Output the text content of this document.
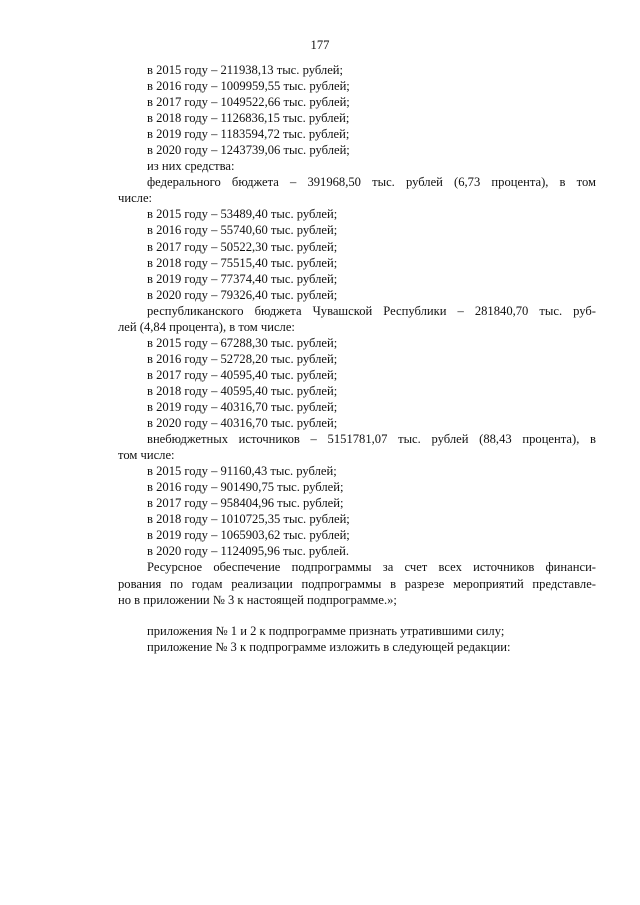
177
в 2015 году – 211938,13 тыс. рублей;
в 2016 году – 1009959,55 тыс. рублей;
в 2017 году – 1049522,66 тыс. рублей;
в 2018 году – 1126836,15 тыс. рублей;
в 2019 году – 1183594,72 тыс. рублей;
в 2020 году – 1243739,06 тыс. рублей;
из них средства:
федерального бюджета – 391968,50 тыс. рублей (6,73 процента), в том
числе:
в 2015 году – 53489,40 тыс. рублей;
в 2016 году – 55740,60 тыс. рублей;
в 2017 году – 50522,30 тыс. рублей;
в 2018 году – 75515,40 тыс. рублей;
в 2019 году – 77374,40 тыс. рублей;
в 2020 году – 79326,40 тыс. рублей;
республиканского бюджета Чувашской Республики – 281840,70 тыс. руб-
лей (4,84 процента), в том числе:
в 2015 году – 67288,30 тыс. рублей;
в 2016 году – 52728,20 тыс. рублей;
в 2017 году – 40595,40 тыс. рублей;
в 2018 году – 40595,40 тыс. рублей;
в 2019 году – 40316,70 тыс. рублей;
в 2020 году – 40316,70 тыс. рублей;
внебюджетных источников – 5151781,07 тыс. рублей (88,43 процента), в
том числе:
в 2015 году – 91160,43 тыс. рублей;
в 2016 году – 901490,75 тыс. рублей;
в 2017 году – 958404,96 тыс. рублей;
в 2018 году – 1010725,35 тыс. рублей;
в 2019 году – 1065903,62 тыс. рублей;
в 2020 году – 1124095,96 тыс. рублей.
Ресурсное обеспечение подпрограммы за счет всех источников финанси-
рования по годам реализации подпрограммы в разрезе мероприятий представле-
но в приложении № 3 к настоящей подпрограмме.»;
приложения № 1 и 2 к подпрограмме признать утратившими силу;
приложение № 3 к подпрограмме изложить в следующей редакции:
